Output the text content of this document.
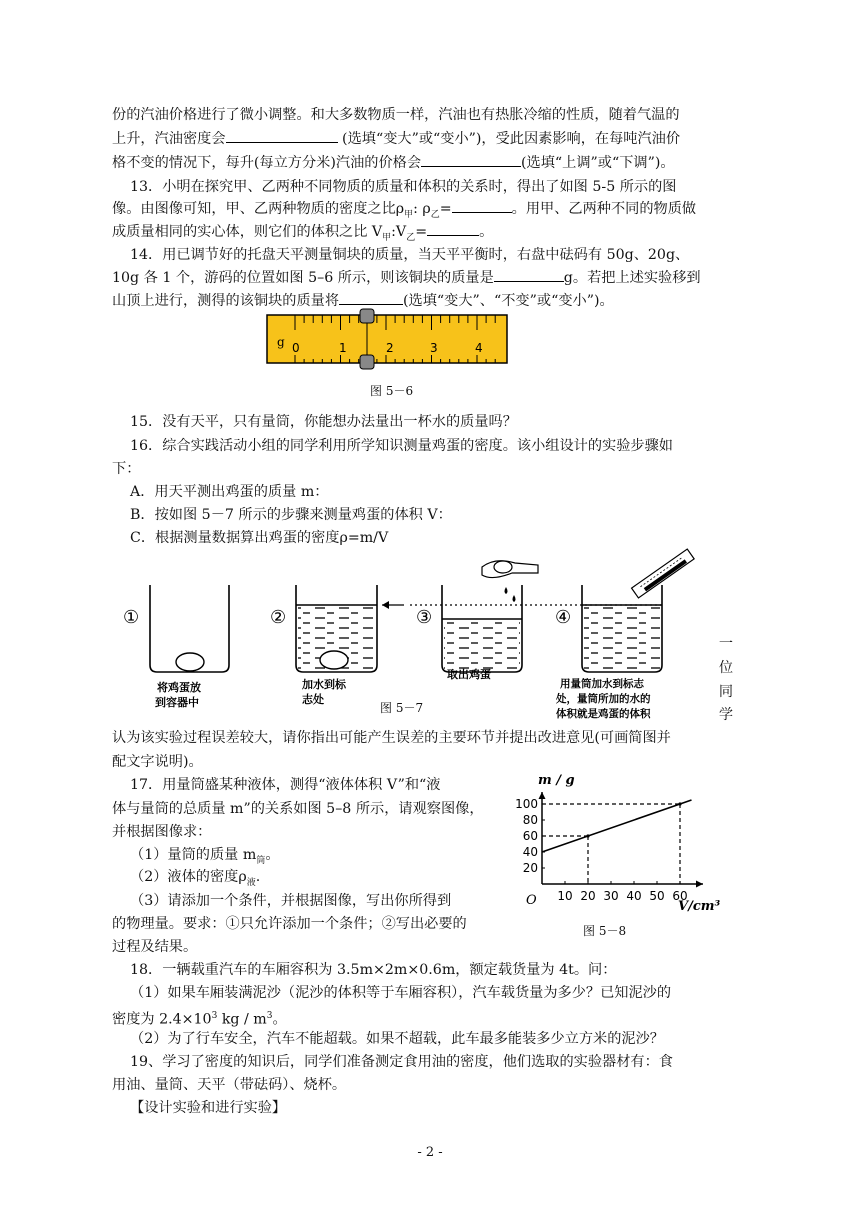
份的汽油价格进行了微小调整。和大多数物质一样，汽油也有热胀冷缩的性质，随着气温的

上升，汽油密度会	(选填“变大”或“变小”)，受此因素影响，在每吨汽油价

格不变的情况下，每升(每立方分米)汽油的价格会	(选填“上调”或“下调”)。

13．小明在探究甲、乙两种不同物质的质量和体积的关系时，得出了如图 5-5 所示的图

像。由图像可知，甲、乙两种物质的密度之比$\rho_甲$: $\rho_乙=$	。用甲、乙两种不同的物质做

成质量相同的实心体，则它们的体积之比 $V_甲:V_乙=$	。

14．用已调节好的托盘天平测量铜块的质量，当天平平衡时，右盘中砝码有 50g、20g、

10g 各 1 个，游码的位置如图 5–6 所示，则该铜块的质量是	g。若把上述实验移到

山顶上进行，测得的该铜块的质量将	(选填“变大”、“不变”或“变小”)。

g 0	1	2	3	4
图 5－6

15．没有天平，只有量筒，你能想办法量出一杯水的质量吗？

16．综合实践活动小组的同学利用所学知识测量鸡蛋的密度。该小组设计的实验步骤如

下：

A．用天平测出鸡蛋的质量 m：

B．按如图 5－7 所示的步骤来测量鸡蛋的体积 V：

C．根据测量数据算出鸡蛋的密度ρ=m/V

①
将鸡蛋放
到容器中
②
加水到标
志处
③
取出鸡蛋
④
用量筒加水到标志
处，量筒所加的水的
体积就是鸡蛋的体积
图 5－7
一
位
同
学

认为该实验过程误差较大，请你指出可能产生误差的主要环节并提出改进意见(可画简图并

配文字说明)。

17．用量筒盛某种液体，测得“液体体积 V”和“液

体与量筒的总质量 m”的关系如图 5–8 所示，请观察图像，

并根据图像求：

（1）量筒的质量 $m_筒$。

（2）液体的密度$\rho_液$.

（3）请添加一个条件，并根据图像，写出你所得到

的物理量。要求：①只允许添加一个条件；②写出必要的

过程及结果。

10 20 30 40 50 60
20
40
60
80
100
m / g
V/cm³
O
图 5－8

18．一辆载重汽车的车厢容积为 3.5m×2m×0.6m，额定载货量为 4t。问：

（1）如果车厢装满泥沙（泥沙的体积等于车厢容积），汽车载货量为多少？已知泥沙的

密度为 $2.4\times 10^3$ kg / $m^3$。

（2）为了行车安全，汽车不能超载。如果不超载，此车最多能装多少立方米的泥沙？

19、学习了密度的知识后，同学们准备测定食用油的密度，他们选取的实验器材有：食

用油、量筒、天平（带砝码）、烧杯。

【设计实验和进行实验】

- 2 -
